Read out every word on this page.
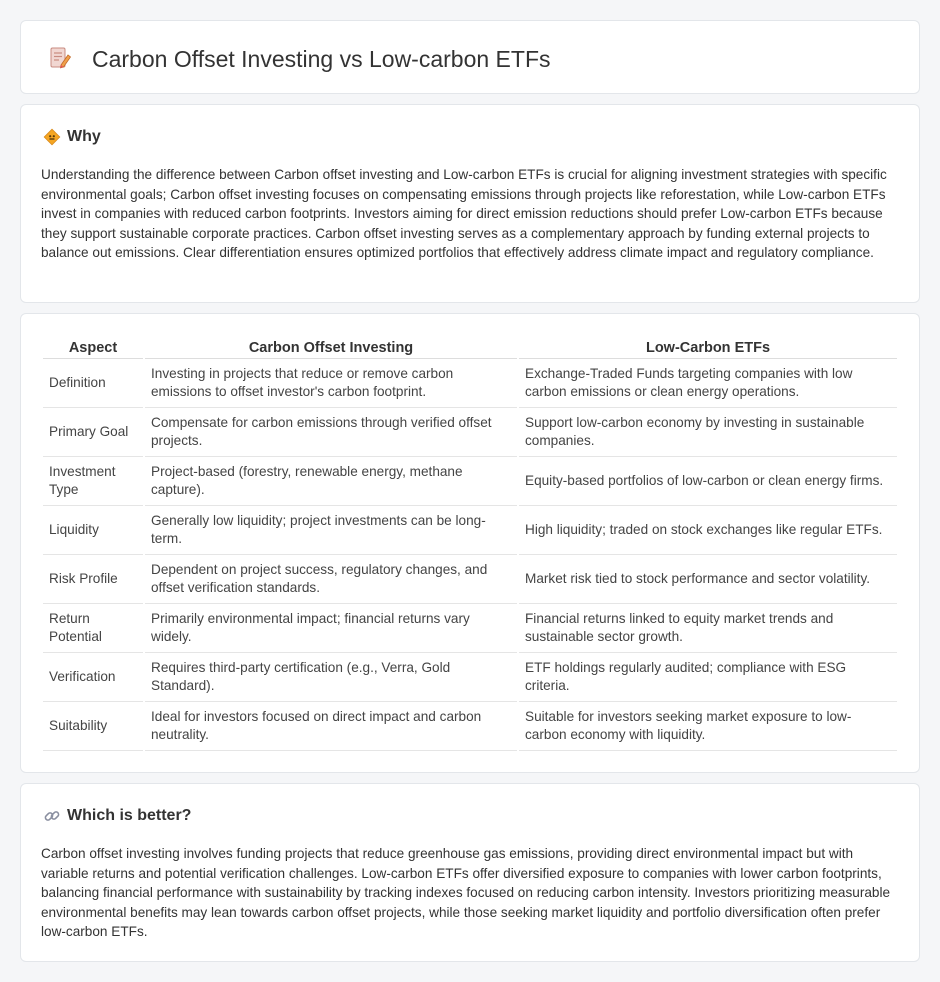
Carbon Offset Investing vs Low-carbon ETFs
Why

Understanding the difference between Carbon offset investing and Low-carbon ETFs is crucial for aligning investment strategies with specific environmental goals; Carbon offset investing focuses on compensating emissions through projects like reforestation, while Low-carbon ETFs invest in companies with reduced carbon footprints. Investors aiming for direct emission reductions should prefer Low-carbon ETFs because they support sustainable corporate practices. Carbon offset investing serves as a complementary approach by funding external projects to balance out emissions. Clear differentiation ensures optimized portfolios that effectively address climate impact and regulatory compliance.

Aspect	Carbon Offset Investing	Low-Carbon ETFs
Definition	Investing in projects that reduce or remove carbon emissions to offset investor's carbon footprint.	Exchange-Traded Funds targeting companies with low carbon emissions or clean energy operations.
Primary Goal	Compensate for carbon emissions through verified offset projects.	Support low-carbon economy by investing in sustainable companies.
Investment Type	Project-based (forestry, renewable energy, methane capture).	Equity-based portfolios of low-carbon or clean energy firms.
Liquidity	Generally low liquidity; project investments can be long-term.	High liquidity; traded on stock exchanges like regular ETFs.
Risk Profile	Dependent on project success, regulatory changes, and offset verification standards.	Market risk tied to stock performance and sector volatility.
Return Potential	Primarily environmental impact; financial returns vary widely.	Financial returns linked to equity market trends and sustainable sector growth.
Verification	Requires third-party certification (e.g., Verra, Gold Standard).	ETF holdings regularly audited; compliance with ESG criteria.
Suitability	Ideal for investors focused on direct impact and carbon neutrality.	Suitable for investors seeking market exposure to low-carbon economy with liquidity.
Which is better?

Carbon offset investing involves funding projects that reduce greenhouse gas emissions, providing direct environmental impact but with variable returns and potential verification challenges. Low-carbon ETFs offer diversified exposure to companies with lower carbon footprints, balancing financial performance with sustainability by tracking indexes focused on reducing carbon intensity. Investors prioritizing measurable environmental benefits may lean towards carbon offset projects, while those seeking market liquidity and portfolio diversification often prefer low-carbon ETFs.
